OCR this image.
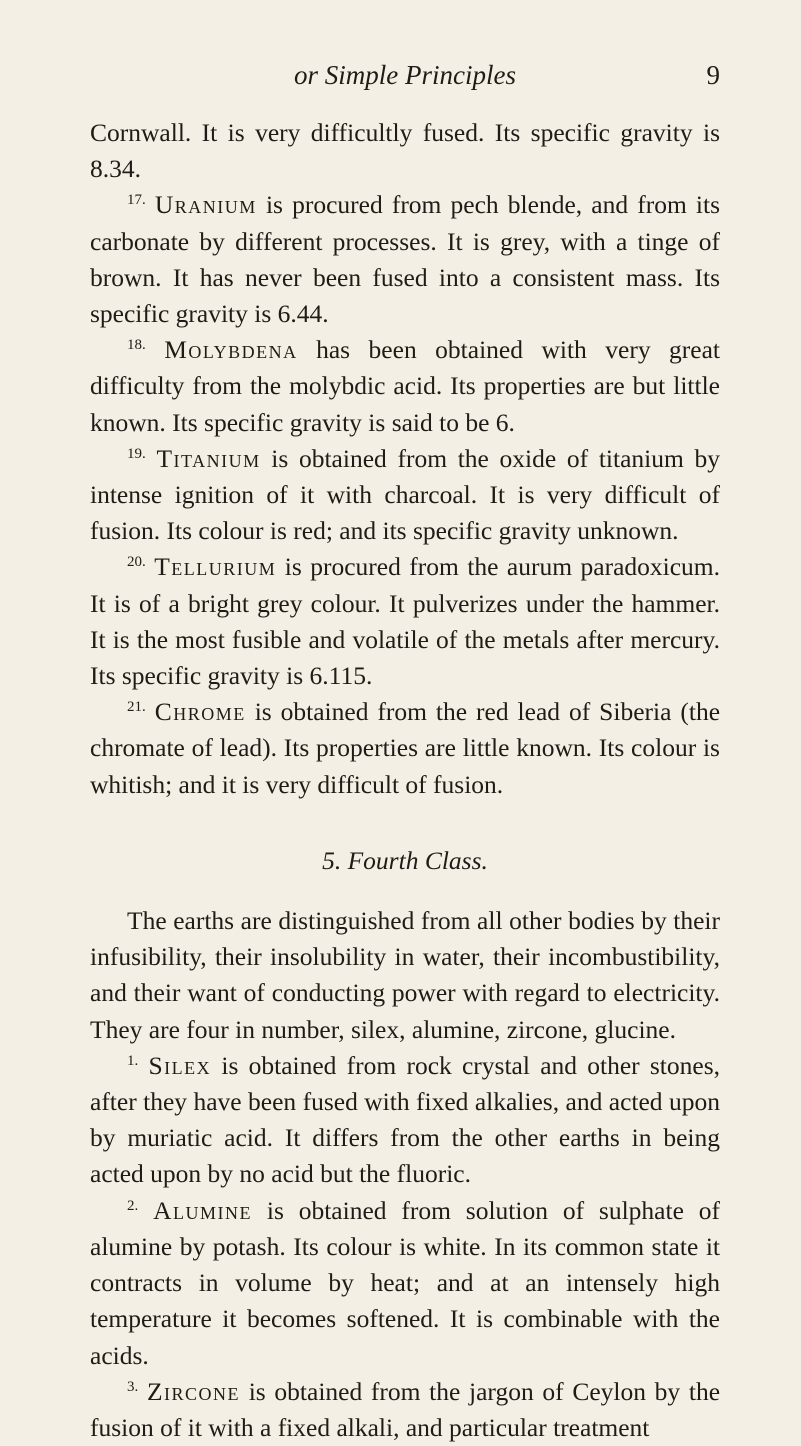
or Simple Principles	9

Cornwall. It is very difficultly fused. Its specific gravity is 8.34.

$^{17.}$ Uranium is procured from pech blende, and from its carbonate by different processes. It is grey, with a tinge of brown. It has never been fused into a consistent mass. Its specific gravity is 6.44.

$^{18.}$ Molybdena has been obtained with very great difficulty from the molybdic acid. Its properties are but little known. Its specific gravity is said to be 6.

$^{19.}$ Titanium is obtained from the oxide of titanium by intense ignition of it with charcoal. It is very difficult of fusion. Its colour is red; and its specific gravity unknown.

$^{20.}$ Tellurium is procured from the aurum paradoxicum. It is of a bright grey colour. It pulverizes under the hammer. It is the most fusible and volatile of the metals after mercury. Its specific gravity is 6.115.

$^{21.}$ Chrome is obtained from the red lead of Siberia (the chromate of lead). Its properties are little known. Its colour is whitish; and it is very difficult of fusion.

5. Fourth Class.

The earths are distinguished from all other bodies by their infusibility, their insolubility in water, their incombustibility, and their want of conducting power with regard to electricity. They are four in number, silex, alumine, zircone, glucine.

$^{1.}$ Silex is obtained from rock crystal and other stones, after they have been fused with fixed alkalies, and acted upon by muriatic acid. It differs from the other earths in being acted upon by no acid but the fluoric.

$^{2.}$ Alumine is obtained from solution of sulphate of alumine by potash. Its colour is white. In its common state it contracts in volume by heat; and at an intensely high temperature it becomes softened. It is combinable with the acids.

$^{3.}$ Zircone is obtained from the jargon of Ceylon by the fusion of it with a fixed alkali, and particular treatment
